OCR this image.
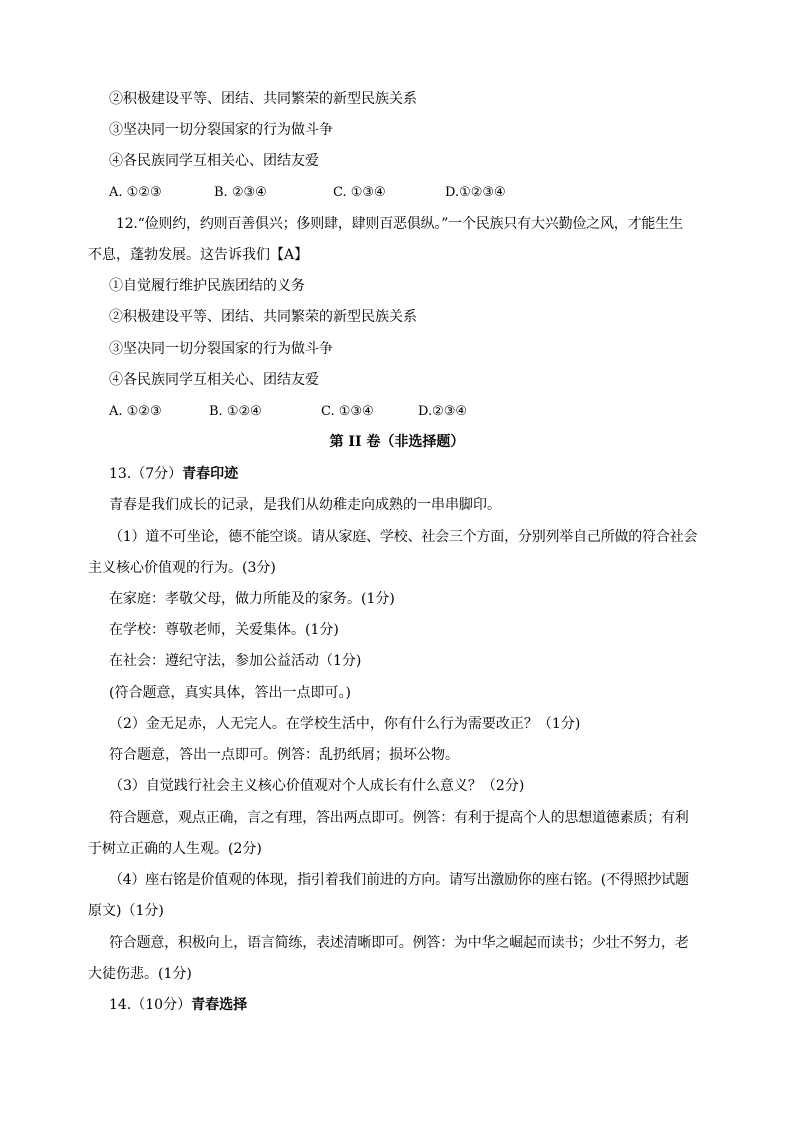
②积极建设平等、团结、共同繁荣的新型民族关系
③坚决同一切分裂国家的行为做斗争
④各民族同学互相关心、团结友爱
A. ①②③	B. ②③④	C. ①③④	D.①②③④
12.“俭则约，约则百善俱兴；侈则肆，肆则百恶俱纵。”一个民族只有大兴勤俭之风，才能生生
不息，蓬勃发展。这告诉我们【A】
①自觉履行维护民族团结的义务
②积极建设平等、团结、共同繁荣的新型民族关系
③坚决同一切分裂国家的行为做斗争
④各民族同学互相关心、团结友爱
A. ①②③	B. ①②④	C. ①③④	D.②③④
第 II 卷（非选择题）
13.（7分）青春印迹
青春是我们成长的记录，是我们从幼稚走向成熟的一串串脚印。
（1）道不可坐论，德不能空谈。请从家庭、学校、社会三个方面，分别列举自己所做的符合社会
主义核心价值观的行为。(3分)
在家庭：孝敬父母，做力所能及的家务。(1分)
在学校：尊敬老师，关爱集体。(1分)
在社会：遵纪守法，参加公益活动（1分)
(符合题意，真实具体，答出一点即可。)
（2）金无足赤，人无完人。在学校生活中，你有什么行为需要改正？（1分)
符合题意，答出一点即可。例答：乱扔纸屑；损坏公物。
（3）自觉践行社会主义核心价值观对个人成长有什么意义？（2分)
符合题意，观点正确，言之有理，答出两点即可。例答：有利于提高个人的思想道德素质；有利
于树立正确的人生观。(2分)
（4）座右铭是价值观的体现，指引着我们前进的方向。请写出激励你的座右铭。(不得照抄试题
原文)（1分)
符合题意，积极向上，语言简练，表述清晰即可。例答：为中华之崛起而读书；少壮不努力，老
大徒伤悲。(1分)
14.（10分）青春选择
